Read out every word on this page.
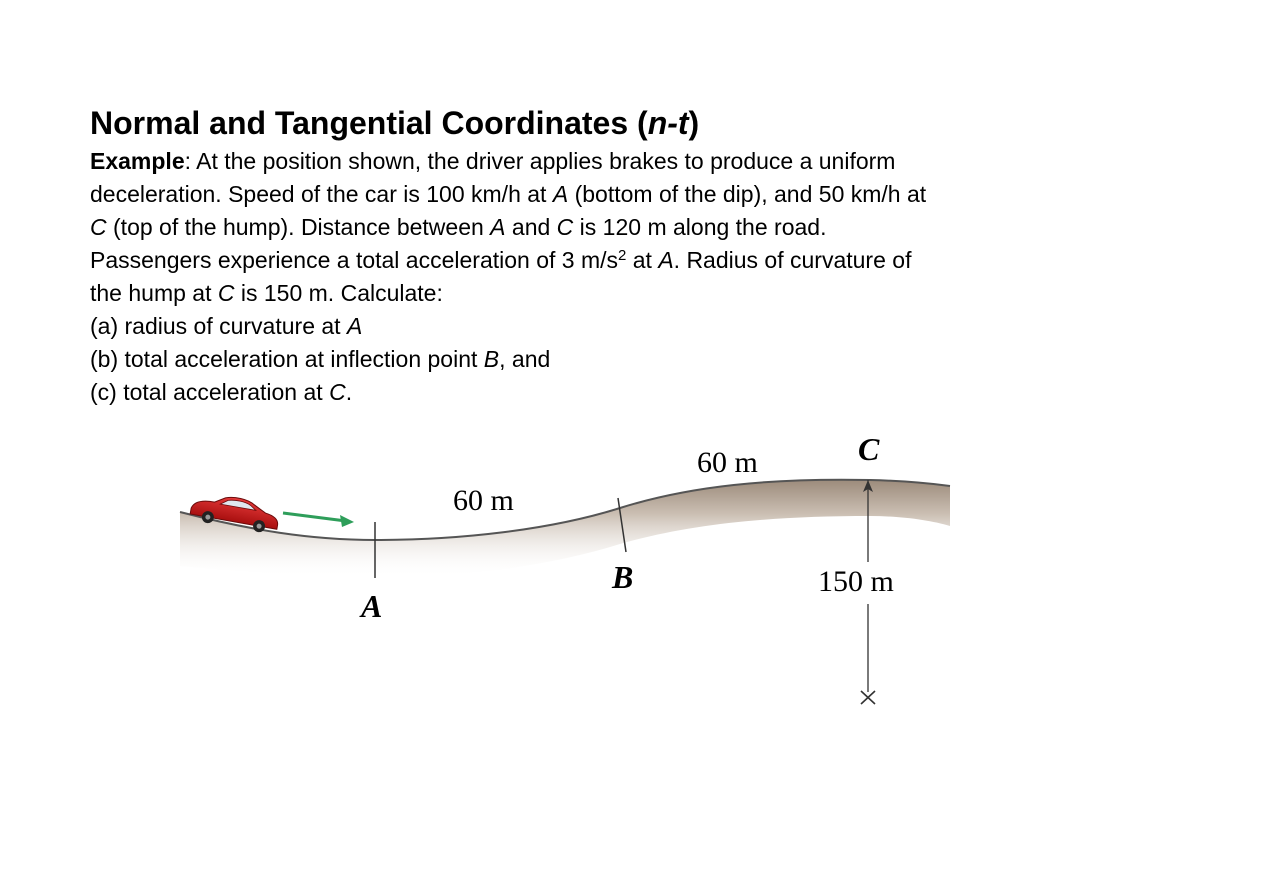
Normal and Tangential Coordinates (n-t)
Example: At the position shown, the driver applies brakes to produce a uniform
deceleration. Speed of the car is 100 km/h at A (bottom of the dip), and 50 km/h at
C (top of the hump). Distance between A and C is 120 m along the road.
Passengers experience a total acceleration of 3 $m/s^2$ at A. Radius of curvature of
the hump at C is 150 m. Calculate:
(a) radius of curvature at A
(b) total acceleration at inflection point B, and
(c) total acceleration at C.
60 m
60 m
A
B
C
150 m
